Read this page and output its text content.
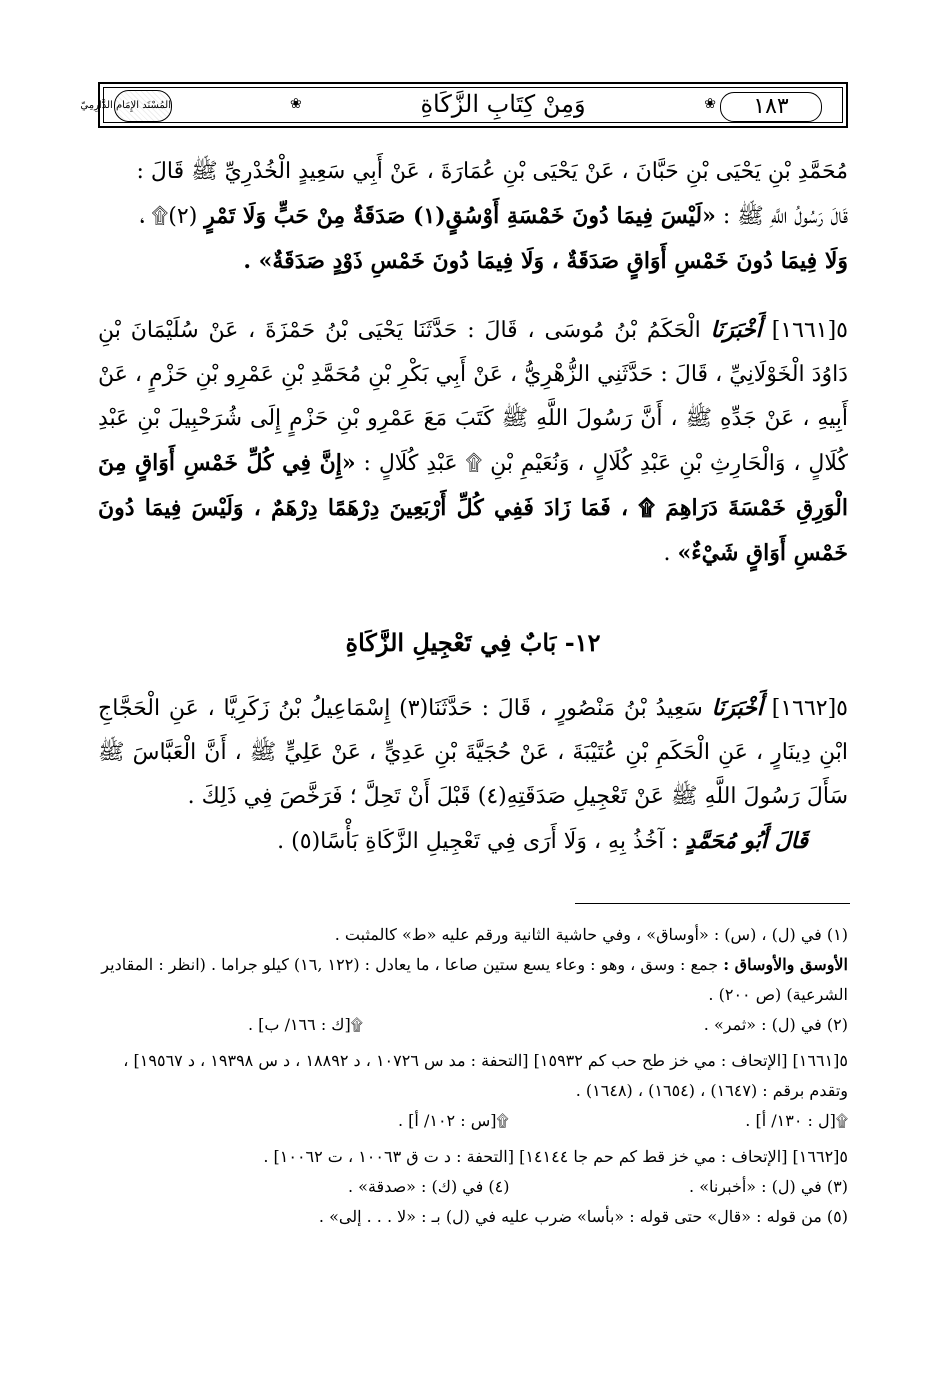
المُسْنَد الإِمَام الدَّارِمِيّ	❀	وَمِنْ كِتَابِ الزَّكَاةِ	❀	١٨٣

مُحَمَّدِ بْنِ يَحْيَى بْنِ حَبَّانَ ، عَنْ يَحْيَى بْنِ عُمَارَةَ ، عَنْ أَبِي سَعِيدٍ الْخُدْرِيِّ ﷺ قَالَ :

قَالَ رَسُولُ اللَّهِ ﷺ : «لَيْسَ فِيمَا دُونَ خَمْسَةِ أَوْسُقٍ(١) صَدَقَةٌ مِنْ حَبٍّ وَلَا تَمْرٍ (٢)۩ ،

وَلَا فِيمَا دُونَ خَمْسِ أَوَاقٍ صَدَقَةٌ ، وَلَا فِيمَا دُونَ خَمْسِ ذَوْدٍ صَدَقَةٌ» .

٥[١٦٦١] أَخْبَرَنَا الْحَكَمُ بْنُ مُوسَى ، قَالَ : حَدَّثَنَا يَحْيَى بْنُ حَمْزَةَ ، عَنْ سُلَيْمَانَ بْنِ دَاوُدَ الْخَوْلَانِيِّ ، قَالَ : حَدَّثَنِي الزُّهْرِيُّ ، عَنْ أَبِي بَكْرِ بْنِ مُحَمَّدِ بْنِ عَمْرِو بْنِ حَزْمٍ ، عَنْ أَبِيهِ ، عَنْ جَدِّهِ ﷺ ، أَنَّ رَسُولَ اللَّهِ ﷺ كَتَبَ مَعَ عَمْرِو بْنِ حَزْمٍ إِلَى شُرَحْبِيلَ بْنِ عَبْدِ كُلَالٍ ، وَالْحَارِثِ بْنِ عَبْدِ كُلَالٍ ، وَنُعَيْمِ بْنِ ۩ عَبْدِ كُلَالٍ : «إِنَّ فِي كُلِّ خَمْسِ أَوَاقٍ مِنَ الْوَرِقِ خَمْسَةَ دَرَاهِمَ ۩ ، فَمَا زَادَ فَفِي كُلِّ أَرْبَعِينَ دِرْهَمًا دِرْهَمٌ ، وَلَيْسَ فِيمَا دُونَ خَمْسِ أَوَاقٍ شَيْءٌ» .

١٢- بَابٌ فِي تَعْجِيلِ الزَّكَاةِ

٥[١٦٦٢] أَخْبَرَنَا سَعِيدُ بْنُ مَنْصُورٍ ، قَالَ : حَدَّثَنَا(٣) إِسْمَاعِيلُ بْنُ زَكَرِيَّا ، عَنِ الْحَجَّاجِ ابْنِ دِينَارٍ ، عَنِ الْحَكَمِ بْنِ عُتَيْبَةَ ، عَنْ حُجَيَّةَ بْنِ عَدِيٍّ ، عَنْ عَلِيٍّ ﷺ ، أَنَّ الْعَبَّاسَ ﷺ سَأَلَ رَسُولَ اللَّهِ ﷺ عَنْ تَعْجِيلِ صَدَقَتِهِ(٤) قَبْلَ أَنْ تَحِلَّ ؛ فَرَخَّصَ فِي ذَلِكَ .

قَالَ أَبُو مُحَمَّدٍ : آخُذُ بِهِ ، وَلَا أَرَى فِي تَعْجِيلِ الزَّكَاةِ بَأْسًا(٥) .

(١) في (ل) ، (س) : «أوساق» ، وفي حاشية الثانية ورقم عليه «ط» كالمثبت .

الأوسق والأوساق : جمع : وسق ، وهو : وعاء يسع ستين صاعا ، ما يعادل : (١٢٢ ,١٦) كيلو جراما . (انظر : المقادير الشرعية) (ص ٢٠٠) .

(٢) في (ل) : «ثمر» .
۩[ك : ١٦٦/ ب] .

٥[١٦٦١] [الإتحاف : مي خز طح حب كم ١٥٩٣٢] [التحفة : مد س ١٠٧٢٦ ، د ١٨٨٩٢ ، د س ١٩٣٩٨ ، د ١٩٥٦٧] ، وتقدم برقم : (١٦٤٧) ، (١٦٥٤) ، (١٦٤٨) .

۩[ل : ١٣٠/ أ] .
۩[س : ١٠٢/ أ] .

٥[١٦٦٢] [الإتحاف : مي خز قط كم حم جا ١٤١٤٤] [التحفة : د ت ق ١٠٠٦٣ ، ت ١٠٠٦٢] .

(٣) في (ل) : «أخبرنا» .
(٤) في (ك) : «صدقة» .

(٥) من قوله : «قال» حتى قوله : «بأسا» ضرب عليه في (ل) بـ : «لا . . . إلى» .
